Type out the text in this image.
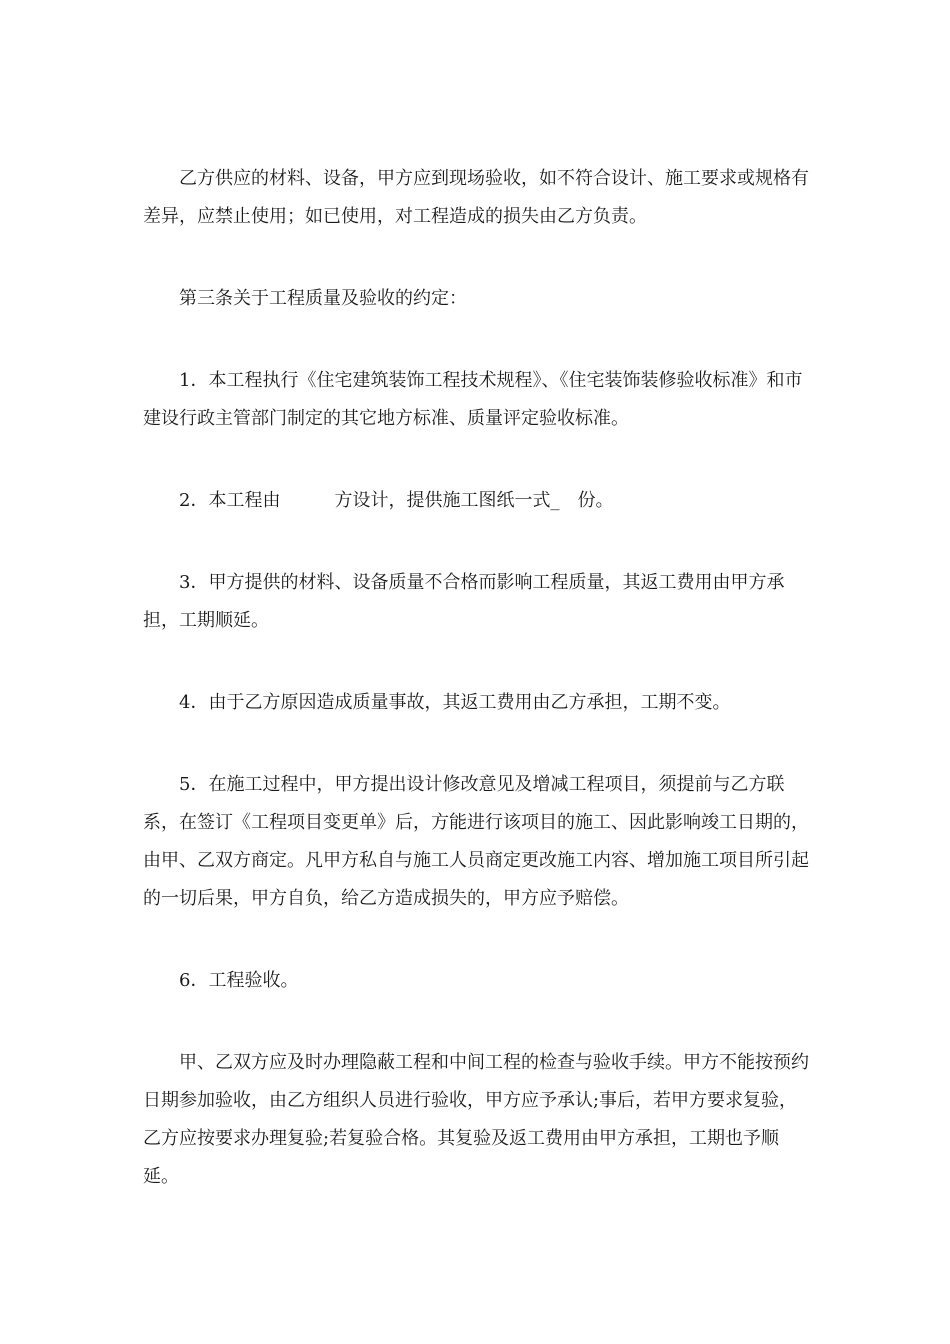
乙方供应的材料、设备，甲方应到现场验收，如不符合设计、施工要求或规格有差异，应禁止使用；如已使用，对工程造成的损失由乙方负责。

第三条关于工程质量及验收的约定：

1．本工程执行《住宅建筑装饰工程技术规程》、《住宅装饰装修验收标准》和市建设行政主管部门制定的其它地方标准、质量评定验收标准。

2．本工程由　　　方设计，提供施工图纸一式_　份。

3．甲方提供的材料、设备质量不合格而影响工程质量，其返工费用由甲方承担，工期顺延。

4．由于乙方原因造成质量事故，其返工费用由乙方承担，工期不变。

5．在施工过程中，甲方提出设计修改意见及增减工程项目，须提前与乙方联系，在签订《工程项目变更单》后，方能进行该项目的施工、因此影响竣工日期的，由甲、乙双方商定。凡甲方私自与施工人员商定更改施工内容、增加施工项目所引起的一切后果，甲方自负，给乙方造成损失的，甲方应予赔偿。

6．工程验收。

甲、乙双方应及时办理隐蔽工程和中间工程的检查与验收手续。甲方不能按预约日期参加验收，由乙方组织人员进行验收，甲方应予承认;事后，若甲方要求复验，乙方应按要求办理复验;若复验合格。其复验及返工费用由甲方承担，工期也予顺延。
